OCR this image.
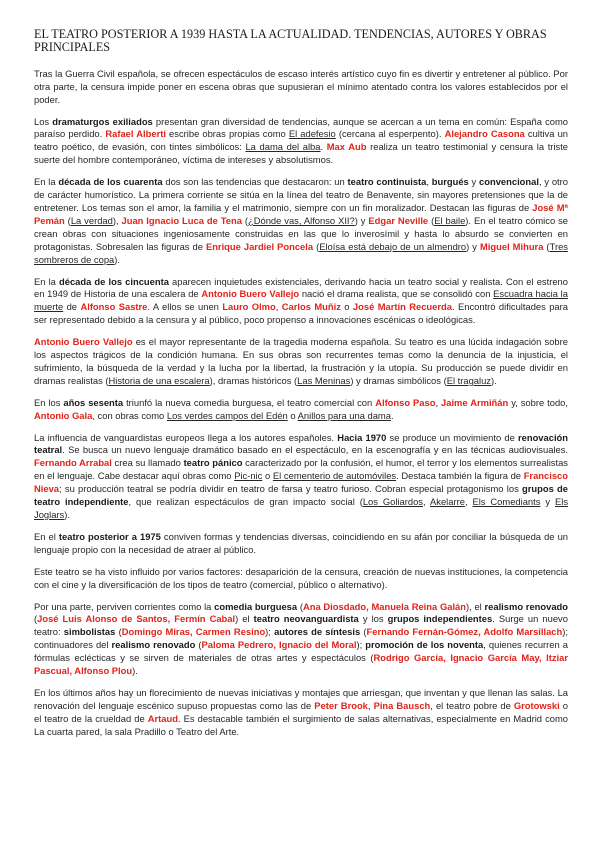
EL TEATRO POSTERIOR A 1939 HASTA LA ACTUALIDAD. TENDENCIAS, AUTORES Y OBRAS PRINCIPALES

Tras la Guerra Civil española, se ofrecen espectáculos de escaso interés artístico cuyo fin es divertir y entretener al público. Por otra parte, la censura impide poner en escena obras que supusieran el mínimo atentado contra los valores establecidos por el poder.

Los dramaturgos exiliados presentan gran diversidad de tendencias, aunque se acercan a un tema en común: España como paraíso perdido. Rafael Alberti escribe obras propias como El adefesio (cercana al esperpento). Alejandro Casona cultiva un teatro poético, de evasión, con tintes simbólicos: La dama del alba. Max Aub realiza un teatro testimonial y censura la triste suerte del hombre contemporáneo, víctima de intereses y absolutismos.

En la década de los cuarenta dos son las tendencias que destacaron: un teatro continuista, burgués y convencional, y otro de carácter humorístico. La primera corriente se sitúa en la línea del teatro de Benavente, sin mayores pretensiones que la de entretener. Los temas son el amor, la familia y el matrimonio, siempre con un fin moralizador. Destacan las figuras de José Mª Pemán (La verdad), Juan Ignacio Luca de Tena (¿Dónde vas, Alfonso XII?) y Edgar Neville (El baile). En el teatro cómico se crean obras con situaciones ingeniosamente construidas en las que lo inverosímil y hasta lo absurdo se convierten en protagonistas. Sobresalen las figuras de Enrique Jardiel Poncela (Eloísa está debajo de un almendro) y Miguel Mihura (Tres sombreros de copa).

En la década de los cincuenta aparecen inquietudes existenciales, derivando hacia un teatro social y realista. Con el estreno en 1949 de Historia de una escalera de Antonio Buero Vallejo nació el drama realista, que se consolidó con Escuadra hacia la muerte de Alfonso Sastre. A ellos se unen Lauro Olmo, Carlos Muñiz o José Martín Recuerda. Encontró dificultades para ser representado debido a la censura y al público, poco propenso a innovaciones escénicas o ideológicas.

Antonio Buero Vallejo es el mayor representante de la tragedia moderna española. Su teatro es una lúcida indagación sobre los aspectos trágicos de la condición humana. En sus obras son recurrentes temas como la denuncia de la injusticia, el sufrimiento, la búsqueda de la verdad y la lucha por la libertad, la frustración y la utopía. Su producción se puede dividir en dramas realistas (Historia de una escalera), dramas históricos (Las Meninas) y dramas simbólicos (El tragaluz).

En los años sesenta triunfó la nueva comedia burguesa, el teatro comercial con Alfonso Paso, Jaime Armiñán y, sobre todo, Antonio Gala, con obras como Los verdes campos del Edén o Anillos para una dama.

La influencia de vanguardistas europeos llega a los autores españoles. Hacia 1970 se produce un movimiento de renovación teatral. Se busca un nuevo lenguaje dramático basado en el espectáculo, en la escenografía y en las técnicas audiovisuales. Fernando Arrabal crea su llamado teatro pánico caracterizado por la confusión, el humor, el terror y los elementos surrealistas en el lenguaje. Cabe destacar aquí obras como Pic-nic o El cementerio de automóviles. Destaca también la figura de Francisco Nieva; su producción teatral se podría dividir en teatro de farsa y teatro furioso. Cobran especial protagonismo los grupos de teatro independiente, que realizan espectáculos de gran impacto social (Los Goliardos, Akelarre, Els Comediants y Els Joglars).

En el teatro posterior a 1975 conviven formas y tendencias diversas, coincidiendo en su afán por conciliar la búsqueda de un lenguaje propio con la necesidad de atraer al público.

Este teatro se ha visto influido por varios factores: desaparición de la censura, creación de nuevas instituciones, la competencia con el cine y la diversificación de los tipos de teatro (comercial, público o alternativo).

Por una parte, perviven corrientes como la comedia burguesa (Ana Diosdado, Manuela Reina Galán), el realismo renovado (José Luis Alonso de Santos, Fermín Cabal) el teatro neovanguardista y los grupos independientes. Surge un nuevo teatro: simbolistas (Domingo Miras, Carmen Resino); autores de síntesis (Fernando Fernán-Gómez, Adolfo Marsillach); continuadores del realismo renovado (Paloma Pedrero, Ignacio del Moral); promoción de los noventa, quienes recurren a fórmulas eclécticas y se sirven de materiales de otras artes y espectáculos (Rodrigo García, Ignacio García May, Itziar Pascual, Alfonso Plou).

En los últimos años hay un florecimiento de nuevas iniciativas y montajes que arriesgan, que inventan y que llenan las salas. La renovación del lenguaje escénico supuso propuestas como las de Peter Brook, Pina Bausch, el teatro pobre de Grotowski o el teatro de la crueldad de Artaud. Es destacable también el surgimiento de salas alternativas, especialmente en Madrid como La cuarta pared, la sala Pradillo o Teatro del Arte.
